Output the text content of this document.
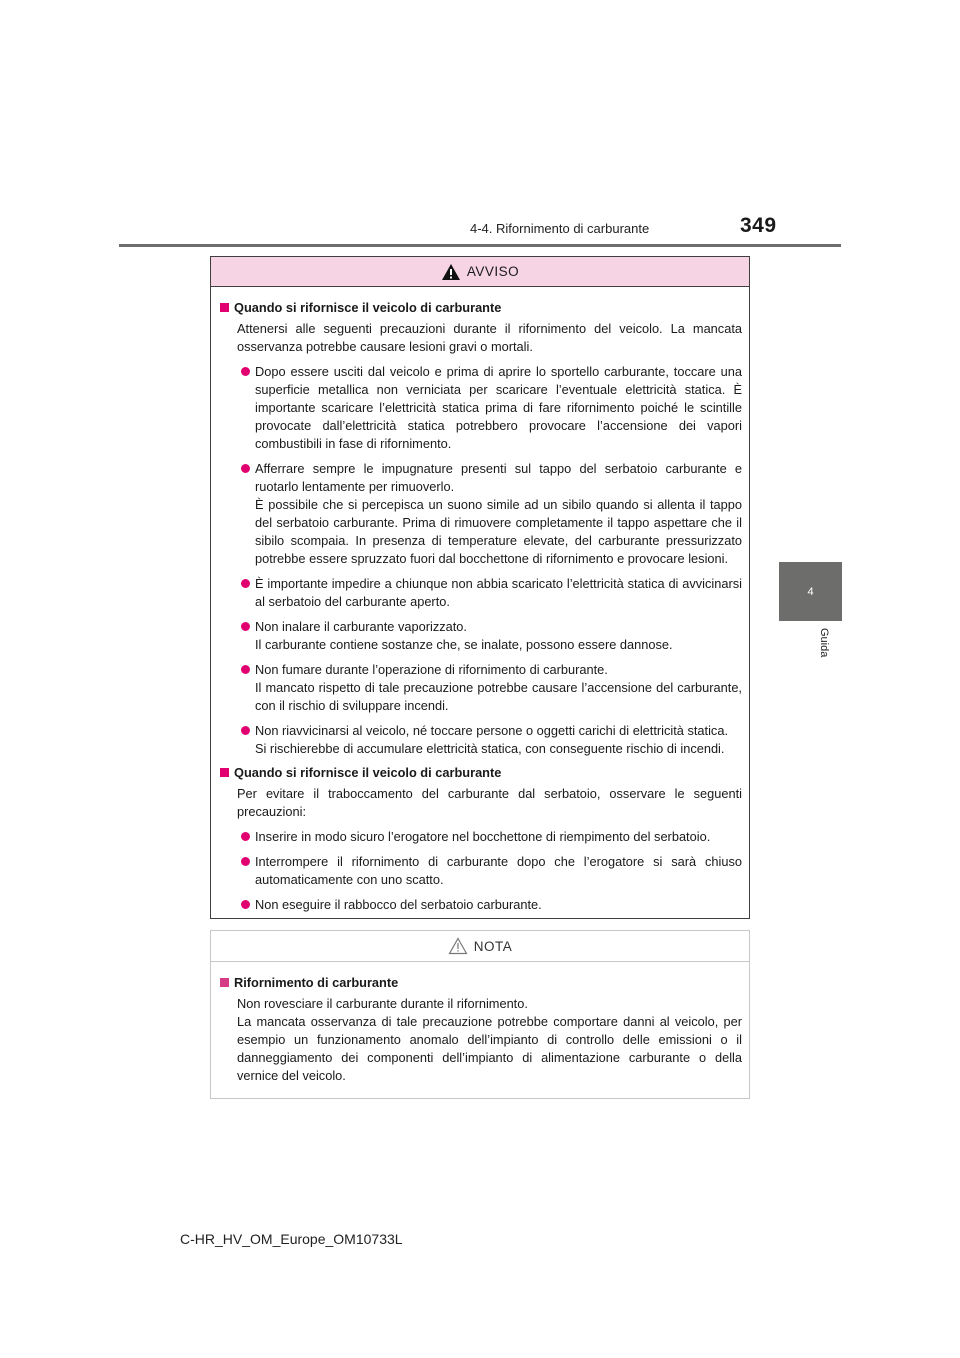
4-4. Rifornimento di carburante	349
4
Guida
AVVISO
Quando si rifornisce il veicolo di carburante

Attenersi alle seguenti precauzioni durante il rifornimento del veicolo. La mancata osservanza potrebbe causare lesioni gravi o mortali.

Dopo essere usciti dal veicolo e prima di aprire lo sportello carburante, toccare una superficie metallica non verniciata per scaricare l’eventuale elettricità statica. È importante scaricare l’elettricità statica prima di fare rifornimento poiché le scintille provocate dall’elettricità statica potrebbero provocare l’accensione dei vapori combustibili in fase di rifornimento.
Afferrare sempre le impugnature presenti sul tappo del serbatoio carburante e ruotarlo lentamente per rimuoverlo.
È possibile che si percepisca un suono simile ad un sibilo quando si allenta il tappo del serbatoio carburante. Prima di rimuovere completamente il tappo aspettare che il sibilo scompaia. In presenza di temperature elevate, del carburante pressurizzato potrebbe essere spruzzato fuori dal bocchettone di rifornimento e provocare lesioni.
È importante impedire a chiunque non abbia scaricato l’elettricità statica di avvicinarsi al serbatoio del carburante aperto.
Non inalare il carburante vaporizzato.
Il carburante contiene sostanze che, se inalate, possono essere dannose.
Non fumare durante l’operazione di rifornimento di carburante.
Il mancato rispetto di tale precauzione potrebbe causare l’accensione del carburante, con il rischio di sviluppare incendi.
Non riavvicinarsi al veicolo, né toccare persone o oggetti carichi di elettricità statica.
Si rischierebbe di accumulare elettricità statica, con conseguente rischio di incendi.
Quando si rifornisce il veicolo di carburante

Per evitare il traboccamento del carburante dal serbatoio, osservare le seguenti precauzioni:

Inserire in modo sicuro l’erogatore nel bocchettone di riempimento del serbatoio.
Interrompere il rifornimento di carburante dopo che l’erogatore si sarà chiuso automaticamente con uno scatto.
Non eseguire il rabbocco del serbatoio carburante.
NOTA
Rifornimento di carburante

Non rovesciare il carburante durante il rifornimento.

La mancata osservanza di tale precauzione potrebbe comportare danni al veicolo, per esempio un funzionamento anomalo dell’impianto di controllo delle emissioni o il danneggiamento dei componenti dell’impianto di alimentazione carburante o della vernice del veicolo.

C-HR_HV_OM_Europe_OM10733L
